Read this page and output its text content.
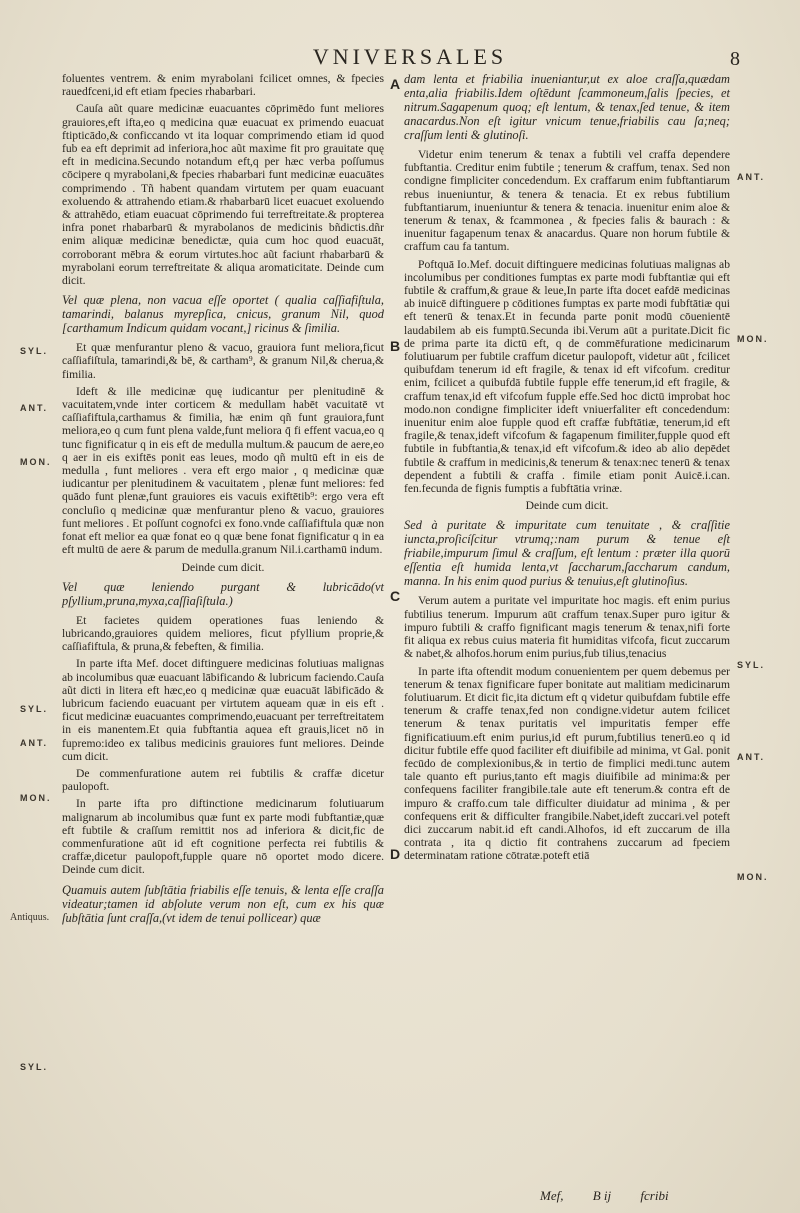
VNIVERSALES	8
A
B
C
D
SYL.
ANT.
MON.
SYL.
ANT.
MON.
Antiquus.
SYL.
ANT.
MON.
SYL.
ANT.
MON.

foluentes ventrem. & enim myrabolani fcilicet omnes, & fpecies rauedfceni,id eft etiam fpecies rhabarbari.

Cauſa aũt quare medicinæ euacuantes cōprimēdo funt meliores grauiores,eft ifta,eo q medicina quæ euacuat ex primendo euacuat ftipticādo,& conficcando vt ita loquar comprimendo etiam id quod fub ea eft deprimit ad inferiora,hoc aũt maxime fit pro grauitate quę eft in medicina.Secundo notandum eft,q per hæc verba poſſumus cōcipere q myrabolani,& fpecies rhabarbari funt medicinæ euacuātes comprimendo . Tñ habent quandam virtutem per quam euacuant exoluendo & attrahendo etiam.& rhabarbarū licet euacuet exoluendo & attrahēdo, etiam euacuat cōprimendo fui terreftreitate.& propterea infra ponet rhabarbarū & myrabolanos de medicinis bñdictis.dñr enim aliquæ medicinæ benedictæ, quia cum hoc quod euacuāt, corroborant mēbra & eorum virtutes.hoc aũt faciunt rhabarbarū & myrabolani eorum terreftreitate & aliqua aromaticitate. Deinde cum dicit.

Vel quæ plena, non vacua eſſe oportet ( qualia caſſiafiſtula, tamarindi, balanus myrepſica, cnicus, granum Nil, quod [carthamum Indicum quidam vocant,] ricinus & ſimilia.

Et quæ menfurantur pleno & vacuo, grauiora funt meliora,ficut caſſiafiſtula, tamarindi,& bē, & cartham⁹, & granum Nil,& cherua,& fimilia.

Ideft & ille medicinæ quę iudicantur per plenitudinē & vacuitatem,vnde inter corticem & medullam habēt vacuitatē vt caſſiafiftula,carthamus & fimilia, hæ enim qñ funt grauiora,funt meliora,eo q cum funt plena valde,funt meliora q̄ fi effent vacua,eo q tunc fignificatur q in eis eft de medulla multum.& paucum de aere,eo q aer in eis exiftēs ponit eas leues, modo qñ multū eft in eis de medulla , funt meliores . vera eft ergo maior , q medicinæ quæ iudicantur per plenitudinem & vacuitatem , plenæ funt meliores: fed quādo funt plenæ,funt grauiores eis vacuis exiftētib⁹: ergo vera eft concluſio q medicinæ quæ menfurantur pleno & vacuo, grauiores funt meliores . Et poſſunt cognofci ex fono.vnde caſſiafiftula quæ non fonat eft melior ea quæ fonat eo q quæ bene fonat fignificatur q in ea eft multū de aere & parum de medulla.granum Nil.i.carthamū indum.

Deinde cum dicit.

Vel quæ leniendo purgant & lubricādo(vt pſyllium,pruna,myxa,caſſiaſiſtula.)

Et facietes quidem operationes fuas leniendo & lubricando,grauiores quidem meliores, ficut pfyllium proprie,& caſſiafiftula, & pruna,& febeften, & fimilia.

In parte ifta Mef. docet diftinguere medicinas folutiuas malignas ab incolumibus quæ euacuant lābificando & lubricum faciendo.Cauſa aũt dicti in litera eft hæc,eo q medicinæ quæ euacuāt lābificādo & lubricum faciendo euacuant per virtutem aqueam quæ in eis eft . ficut medicinæ euacuantes comprimendo,euacuant per terreftreitatem in eis manentem.Et quia fubftantia aquea eft grauis,licet nō in fupremo:ideo ex talibus medicinis grauiores funt meliores. Deinde cum dicit.

De commenfuratione autem rei fubtilis & craffæ dicetur paulopoft.

In parte ifta pro diftinctione medicinarum folutiuarum malignarum ab incolumibus quæ funt ex parte modi fubftantiæ,quæ eft fubtile & craſſum remittit nos ad inferiora & dicit,fic de commenfuratione aūt id eft cognitione perfecta rei fubtilis & craffæ,dicetur paulopoft,fupple quare nō oportet modo dicere. Deinde cum dicit.

Quamuis autem ſubſtātia friabilis eſſe tenuis, & lenta eſſe craſſa videatur;tamen id abſolute verum non eſt, cum ex his quæ ſubſtātia ſunt craſſa,(vt idem de tenui pollicear) quæ

dam lenta et friabilia inueniantur,ut ex aloe craſſa,quædam enta,alia friabilis.Idem oſtēdunt ſcammoneum,ſalis ſpecies, et nitrum.Sagapenum quoq; eſt lentum, & tenax,ſed tenue, & item anacardus.Non eſt igitur vnicum tenue,friabilis cau ſa;neq; craſſum lenti & glutinoſi.

Videtur enim tenerum & tenax a fubtili vel craffa dependere fubftantia. Creditur enim fubtile ; tenerum & craffum, tenax. Sed non condigne fimpliciter concedendum. Ex craffarum enim fubftantiarum rebus inueniuntur, & tenera & tenacia. Et ex rebus fubtilium fubftantiarum, inueniuntur & tenera & tenacia. inuenitur enim aloe & tenerum & tenax, & fcammonea , & fpecies falis & baurach : & inuenitur fagapenum tenax & anacardus. Quare non horum fubtile & craffum cau fa tantum.

Poftquā Io.Mef. docuit diftinguere medicinas folutiuas malignas ab incolumibus per conditiones fumptas ex parte modi fubftantiæ qui eft fubtile & craffum,& graue & leue,In parte ifta docet eafdē medicinas ab inuicē diftinguere p cōditiones fumptas ex parte modi fubftātiæ qui eft tenerū & tenax.Et in fecunda parte ponit modū cōuenientē laudabilem ab eis fumptū.Secunda ibi.Verum aūt a puritate.Dicit fic de prima parte ita dictū eft, q de commēfuratione medicinarum folutiuarum per fubtile craffum dicetur paulopoft, videtur aūt , fcilicet quibufdam tenerum id eft fragile, & tenax id eft vifcofum. creditur enim, fcilicet a quibufdā fubtile fupple effe tenerum,id eft fragile, & craffum tenax,id eft vifcofum fupple effe.Sed hoc dictū improbat hoc modo.non condigne fimpliciter ideft vniuerfaliter eft concedendum: inuenitur enim aloe fupple quod eft craffæ fubftātiæ, tenerum,id eft fragile,& tenax,ideft vifcofum & fagapenum fimiliter,fupple quod eft fubtile in fubftantia,& tenax,id eft vifcofum.& ideo ab alio depēdet fubtile & craffum in medicinis,& tenerum & tenax:nec tenerū & tenax dependent a fubtili & craffa . fimile etiam ponit Auicē.i.can. fen.fecunda de fignis fumptis a fubftātia vrinæ.

Deinde cum dicit.

Sed à puritate & impuritate cum tenuitate , & craſſitie iuncta,proſicíſcitur vtrumq;:nam purum & tenue eſt friabile,impurum ſimul & craſſum, eſt lentum : præter illa quorū eſſentia eſt humida lenta,vt ſaccharum,ſaccharum candum, manna. In his enim quod purius & tenuius,eſt glutinoſius.

Verum autem a puritate vel impuritate hoc magis. eft enim purius fubtilius tenerum. Impurum aūt craffum tenax.Super puro igitur & impuro fubtili & craffo fignificant magis tenerum & tenax,nifi forte fit aliqua ex rebus cuius materia fit humiditas vifcofa, ficut zuccarum & nabet,& alhofos.horum enim purius,fub tilius,tenacius

In parte ifta oftendit modum conuenientem per quem debemus per tenerum & tenax fignificare fuper bonitate aut malitiam medicinarum folutiuarum. Et dicit fic,ita dictum eft q videtur quibufdam fubtile effe tenerum & craffe tenax,fed non condigne.videtur autem fcilicet tenerum & tenax puritatis vel impuritatis femper effe fignificatiuum.eft enim purius,id eft purum,fubtilius tenerū.eo q id dicitur fubtile effe quod faciliter eft diuifibile ad minima, vt Gal. ponit fecūdo de complexionibus,& in tertio de fimplici medi.tunc autem tale quanto eft purius,tanto eft magis diuifibile ad minima:& per confequens faciliter frangibile.tale aute eft tenerum.& contra eft de impuro & craffo.cum tale difficulter diuidatur ad minima , & per confequens erit & difficulter frangibile.Nabet,ideft zuccari.vel poteft dici zuccarum nabit.id eft candi.Alhofos, id eft zuccarum de illa contrata , ita q dictio fit contrahens zuccarum ad fpeciem determinatam ratione cōtratæ.poteft etiā

Mef, B ij fcribi
